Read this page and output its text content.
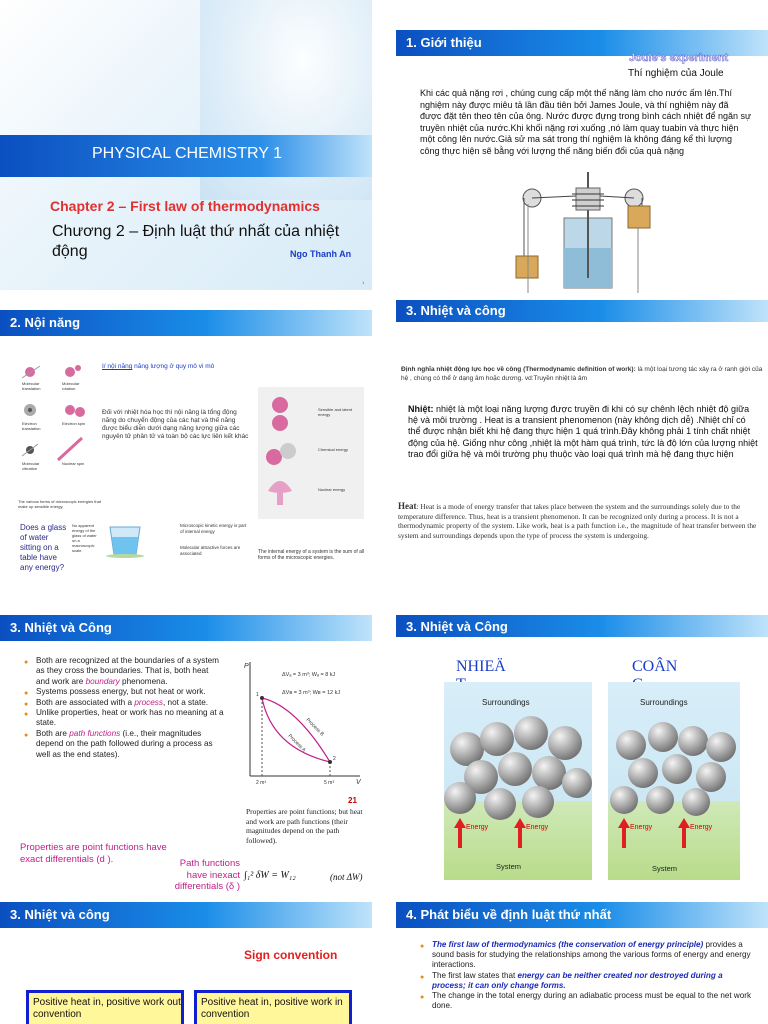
PHYSICAL CHEMISTRY 1
Chapter 2 – First law of thermodynamics
Chương 2 – Định luật thứ nhất của nhiệt động	Ngo Thanh An
1
1. Giới thiệu
Joule's experiment
Thí nghiệm của Joule
Khi các quả nặng rơi , chúng cung cấp một thế năng làm cho nước ấm lên.Thí nghiệm này được miêu tả lần đầu tiên bởi James Joule, và thí nghiệm này đã được đặt tên theo tên của ông. Nước được đựng trong bình cách nhiệt để ngăn sự truyền nhiệt của nước.Khi khối nặng rơi xuống ,nó làm quay tuabin và thực hiện một công lên nước.Giả sử ma sát trong thí nghiệm là không đáng kể thì lượng công thực hiện sẽ bằng với lượng thế năng biến đổi của quả nặng
2. Nội năng
I/ nội năng năng lượng ở quy mô vi mô
Molecular translation
Molecular rotation
Electron translation
Electron spin
Molecular vibration
Nuclear spin
The various forms of microscopic energies that make up sensible energy.
Đối với nhiệt hóa học thì nội năng là tổng động năng do chuyển động của các hạt và thế năng được biểu diễn dưới dạng năng lượng giữa các nguyên tử phân tử và toàn bộ các lực liên kết khác
Sensible and latent energy
Chemical energy
Nuclear energy
Does a glass of water sitting on a table have any energy?
No apparent energy of the glass of water on a macroscopic scale.
Microscopic kinetic energy is part of internal energy
Molecular attractive forces are associated	The internal energy of a system is the sum of all forms of the microscopic energies.
3. Nhiệt và công
Định nghĩa nhiệt động lực học về công (Thermodynamic definition of work): là một loại tương tác xảy ra ở ranh giới của hệ , chúng có thể ở dạng âm hoặc dương. vd:Truyền nhiệt là âm
Nhiệt: nhiệt là một loại năng lượng được truyền đi khi có sự chênh lệch nhiệt độ giữa hệ và môi trường . Heat is a transient phenomenon (này không dịch dễ) .Nhiệt chỉ có thể được nhận biết khi hệ đang thực hiện 1 quá trình.Đây không phải 1 tính chất nhiệt động của hệ. Giống như công ,nhiệt là một hàm quá trình, tức là độ lớn của lượng nhiệt trao đổi giữa hệ và môi trường phụ thuộc vào loại quá trình mà hệ đang thực hiện
Heat: Heat is a mode of energy transfer that takes place between the system and the surroundings solely due to the temperature difference. Thus, heat is a transient phenomenon. It can be recognized only during a process. It is not a thermodynamic property of the system. Like work, heat is a path function i.e., the magnitude of heat transfer between the system and surroundings depends upon the type of process the system is undergoing.
3. Nhiệt và Công
● Both are recognized at the boundaries of a system as they cross the boundaries. That is, both heat and work are boundary phenomena.
● Systems possess energy, but not heat or work.
● Both are associated with a process, not a state.
● Unlike properties, heat or work has no meaning at a state.
● Both are path functions (i.e., their magnitudes depend on the path followed during a process as well as the end states).
Properties are point functions have exact differentials (d ).	Path functions have inexact differentials (δ )
P
V
ΔVₐ = 3 m³; Wₐ = 8 kJ
ΔVʙ = 3 m³; Wʙ = 12 kJ
Process A
Process B
1
2
2 m³	5 m³
21
Properties are point functions; but heat and work are path functions (their magnitudes depend on the path followed).
∫₁² δW = W₁₂	(not ΔW)
3. Nhiệt và Công
NHIEÄ	COÂN
Surroundings
Energy	Energy
System
Surroundings
Energy	Energy
System
3. Nhiệt và công
Sign convention
Positive heat in, positive work out convention
Positive heat in, positive work in convention
4. Phát biểu về định luật thứ nhất
● The first law of thermodynamics (the conservation of energy principle) provides a sound basis for studying the relationships among the various forms of energy and energy interactions.
● The first law states that energy can be neither created nor destroyed during a process; it can only change forms.
● The change in the total energy during an adiabatic process must be equal to the net work done.
